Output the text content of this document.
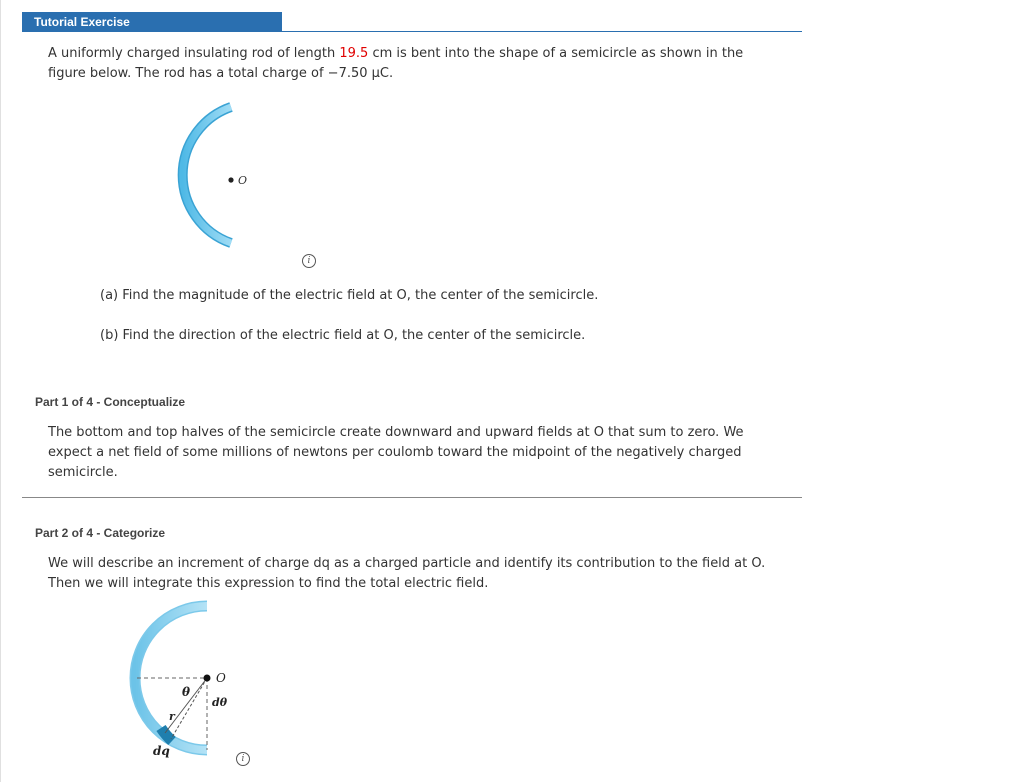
Tutorial Exercise

A uniformly charged insulating rod of length 19.5 cm is bent into the shape of a semicircle as shown in the figure below. The rod has a total charge of −7.50 μC.

O
i

(a) Find the magnitude of the electric field at O, the center of the semicircle.

(b) Find the direction of the electric field at O, the center of the semicircle.

Part 1 of 4 - Conceptualize

The bottom and top halves of the semicircle create downward and upward fields at O that sum to zero. We expect a net field of some millions of newtons per coulomb toward the midpoint of the negatively charged semicircle.

Part 2 of 4 - Categorize

We will describe an increment of charge dq as a charged particle and identify its contribution to the field at O. Then we will integrate this expression to find the total electric field.

O
θ
dθ
r
dq
i
